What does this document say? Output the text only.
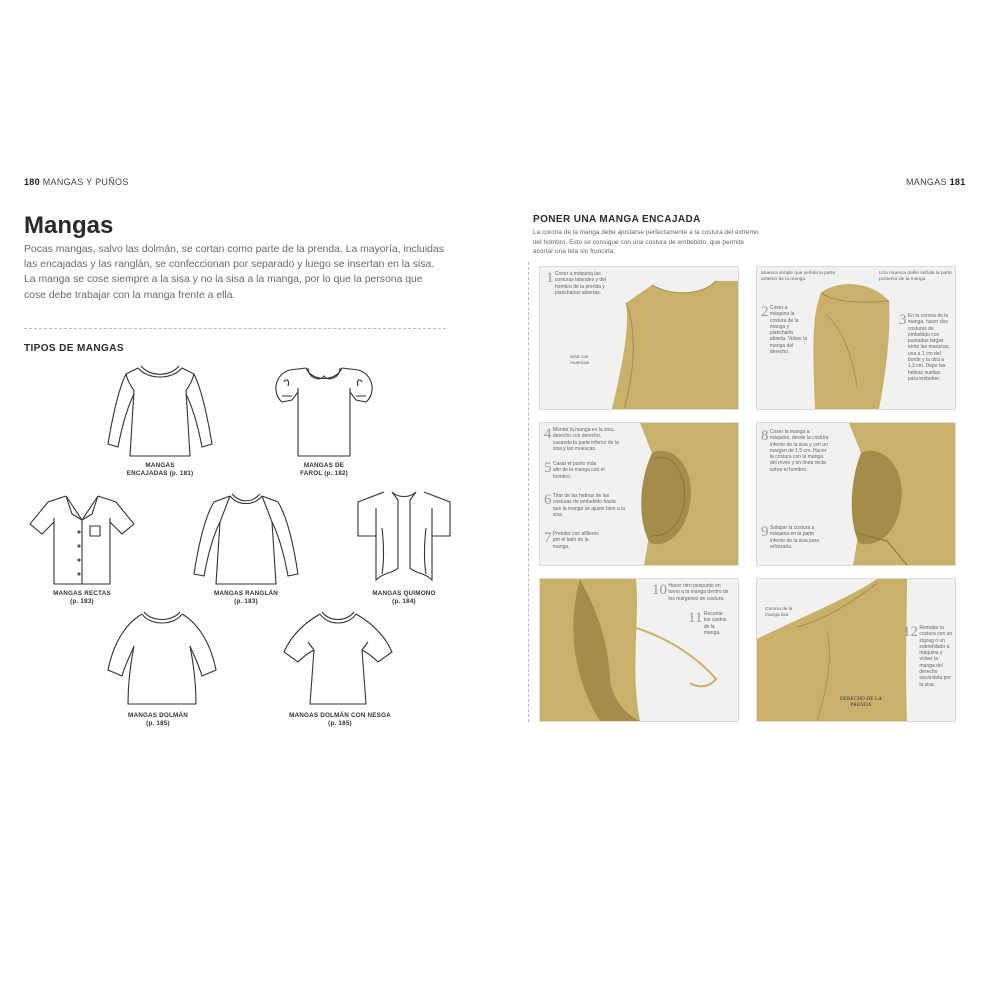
180 MANGAS Y PUÑOS
Mangas
Pocas mangas, salvo las dolmán, se cortan como parte de la prenda. La mayoría, incluidas las encajadas y las ranglán, se confeccionan por separado y luego se insertan en la sisa. La manga se cose siempre a la sisa y no la sisa a la manga, por lo que la persona que cose debe trabajar con la manga frente a ella.
TIPOS DE MANGAS
MANGAS
ENCAJADAS (p. 181)
MANGAS DE
FAROL (p. 182)
MANGAS RECTAS
(p. 183)
MANGAS RANGLÁN
(p. 183)
MANGAS QUIMONO
(p. 184)
MANGAS DOLMÁN
(p. 185)
MANGAS DOLMÁN CON NESGA
(p. 185)
MANGAS 181
PONER UNA MANGA ENCAJADA
La corona de la manga debe ajustarse perfectamente a la costura del extremo del hombro. Esto se consigue con una costura de embebido, que permite acortar una tela sin fruncirla.
1 Coser a máquina las costuras laterales y del hombro de la prenda y plancharlas abiertas.
Sisa con muescas
Muesca simple que señala la parte anterior de la manga
Una muesca doble señala la parte posterior de la manga
2 Coser a máquina la costura de la manga y plancharla abierta. Volver la manga del derecho.
3 En la corona de la manga, hacer dos costuras de embebido con puntadas largas entre las muescas, una a 1 cm del borde y la otra a 1,3 cm. Dejar las hebras sueltas para embeber.
4 Montar la manga en la sisa, derecho con derecho, casando la parte inferior de la sisa y las muescas.
5 Casar el punto más alto de la manga con el hombro.
6 Tirar de las hebras de las costuras de embebido hasta que la manga se ajuste bien a la sisa.
7 Prender con alfileres por el lado de la manga.
8 Coser la manga a máquina, desde la costura inferior de la sisa y con un margen de 1,5 cm. Hacer la costura con la manga del revés y en línea recta sobre el hombro.
9 Solapar la costura a máquina en la parte inferior de la sisa para reforzarla.
10 Hacer otro pespunte en torno a la manga dentro de los márgenes de costura.
11 Recortar los cantos de la manga.
Corona de la manga lisa
12 Rematar la costura con un zigzag o un sobrehilado a máquina y volver la manga del derecho sacándola por la sisa.
DERECHO DE LA PRENDA
